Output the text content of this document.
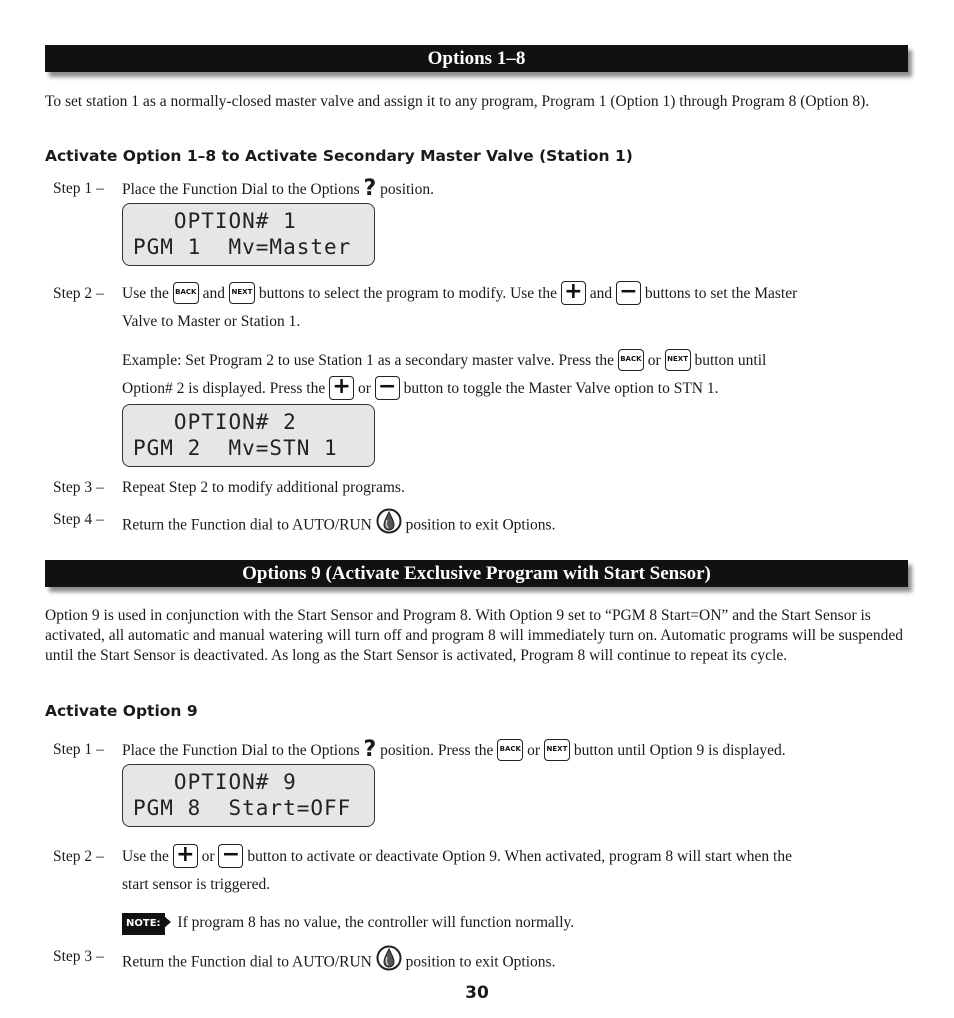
Options 1–8

To set station 1 as a normally-closed master valve and assign it to any program, Program 1 (Option 1) through Program 8 (Option 8).

Activate Option 1–8 to Activate Secondary Master Valve (Station 1)
Step 1 –	Place the Function Dial to the Options ? position.
OPTION# 1
PGM 1  Mv=Master
Step 2 –	Use the BACK and NEXT buttons to select the program to modify. Use the + and − buttons to set the Master
Valve to Master or Station 1.
Example: Set Program 2 to use Station 1 as a secondary master valve. Press the BACK or NEXT button until
Option# 2 is displayed. Press the + or − button to toggle the Master Valve option to STN 1.
OPTION# 2
PGM 2  Mv=STN 1
Step 3 –	Repeat Step 2 to modify additional programs.
Step 4 –	Return the Function dial to AUTO/RUN position to exit Options.
Options 9 (Activate Exclusive Program with Start Sensor)

Option 9 is used in conjunction with the Start Sensor and Program 8. With Option 9 set to “PGM 8 Start=ON” and the Start Sensor is activated, all automatic and manual watering will turn off and program 8 will immediately turn on. Automatic programs will be suspended until the Start Sensor is deactivated. As long as the Start Sensor is activated, Program 8 will continue to repeat its cycle.

Activate Option 9
Step 1 –	Place the Function Dial to the Options ? position. Press the BACK or NEXT button until Option 9 is displayed.
OPTION# 9
PGM 8  Start=OFF
Step 2 –	Use the + or − button to activate or deactivate Option 9. When activated, program 8 will start when the
start sensor is triggered.
NOTE: If program 8 has no value, the controller will function normally.
Step 3 –	Return the Function dial to AUTO/RUN position to exit Options.
30
